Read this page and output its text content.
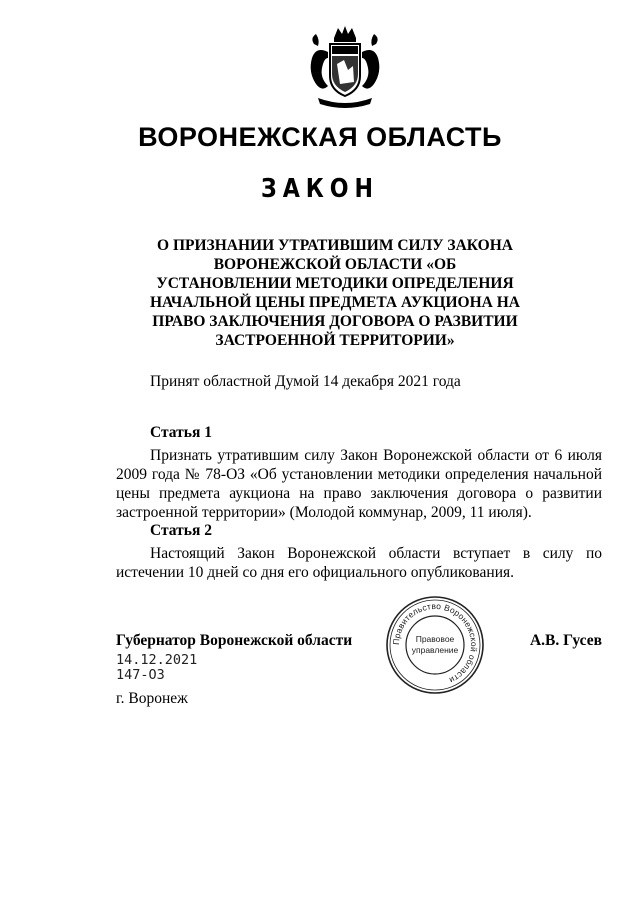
ВОРОНЕЖСКАЯ ОБЛАСТЬ
ЗАКОН
О ПРИЗНАНИИ УТРАТИВШИМ СИЛУ ЗАКОНА
ВОРОНЕЖСКОЙ ОБЛАСТИ «ОБ
УСТАНОВЛЕНИИ МЕТОДИКИ ОПРЕДЕЛЕНИЯ
НАЧАЛЬНОЙ ЦЕНЫ ПРЕДМЕТА АУКЦИОНА НА
ПРАВО ЗАКЛЮЧЕНИЯ ДОГОВОРА О РАЗВИТИИ
ЗАСТРОЕННОЙ ТЕРРИТОРИИ»
Принят областной Думой 14 декабря 2021 года
Статья 1
Признать утратившим силу Закон Воронежской области от 6 июля 2009 года № 78-ОЗ «Об установлении методики определения начальной цены предмета аукциона на право заключения договора о развитии застроенной территории» (Молодой коммунар, 2009, 11 июля).
Статья 2
Настоящий Закон Воронежской области вступает в силу по истечении 10 дней со дня его официального опубликования.
Губернатор Воронежской области	Правительство Воронежской области
Правовое
управление
А.В. Гусев
14.12.2021
147-ОЗ
г. Воронеж
